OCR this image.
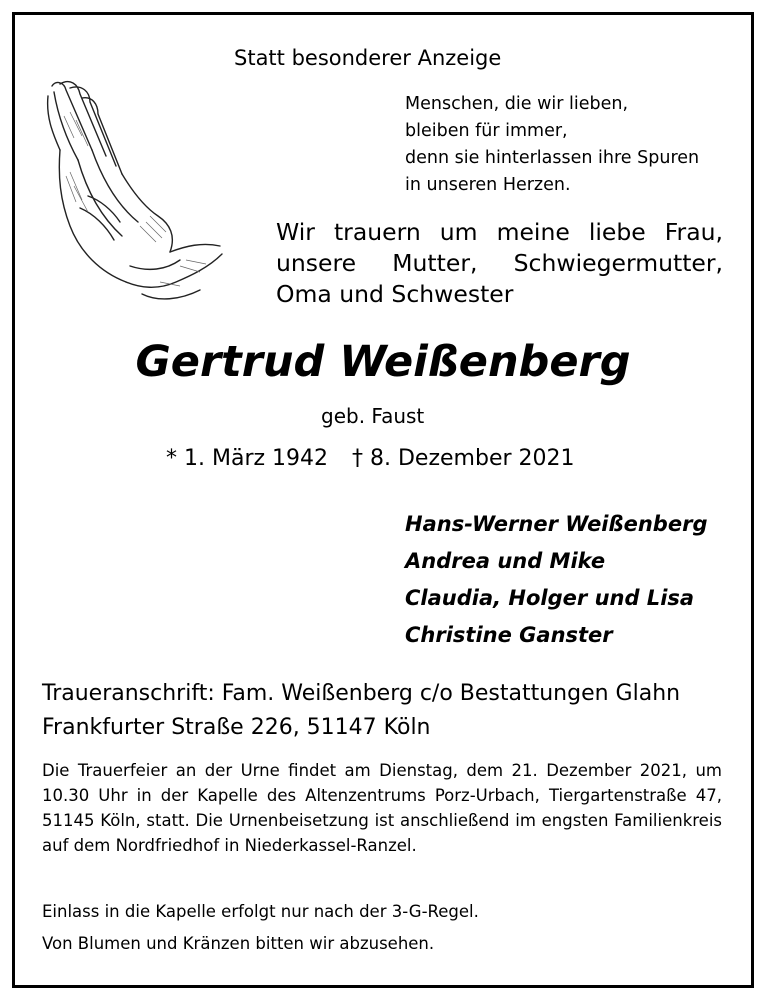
Statt besonderer Anzeige
Menschen, die wir lieben,
bleiben für immer,
denn sie hinterlassen ihre Spuren
in unseren Herzen.
Wir trauern um meine liebe Frau,
unsere Mutter, Schwiegermutter,
Oma und Schwester
Gertrud Weißenberg
geb. Faust
* 1. März 1942 † 8. Dezember 2021
Hans-Werner Weißenberg
Andrea und Mike
Claudia, Holger und Lisa
Christine Ganster
Traueranschrift: Fam. Weißenberg c/o Bestattungen Glahn
Frankfurter Straße 226, 51147 Köln
Die Trauerfeier an der Urne findet am Dienstag, dem 21. Dezember 2021, um 10.30 Uhr in der Kapelle des Altenzentrums Porz-Urbach, Tiergartenstraße 47, 51145 Köln, statt. Die Urnenbeisetzung ist anschließend im engsten Familienkreis auf dem Nordfriedhof in Niederkassel-Ranzel.
Einlass in die Kapelle erfolgt nur nach der 3-G-Regel.
Von Blumen und Kränzen bitten wir abzusehen.
